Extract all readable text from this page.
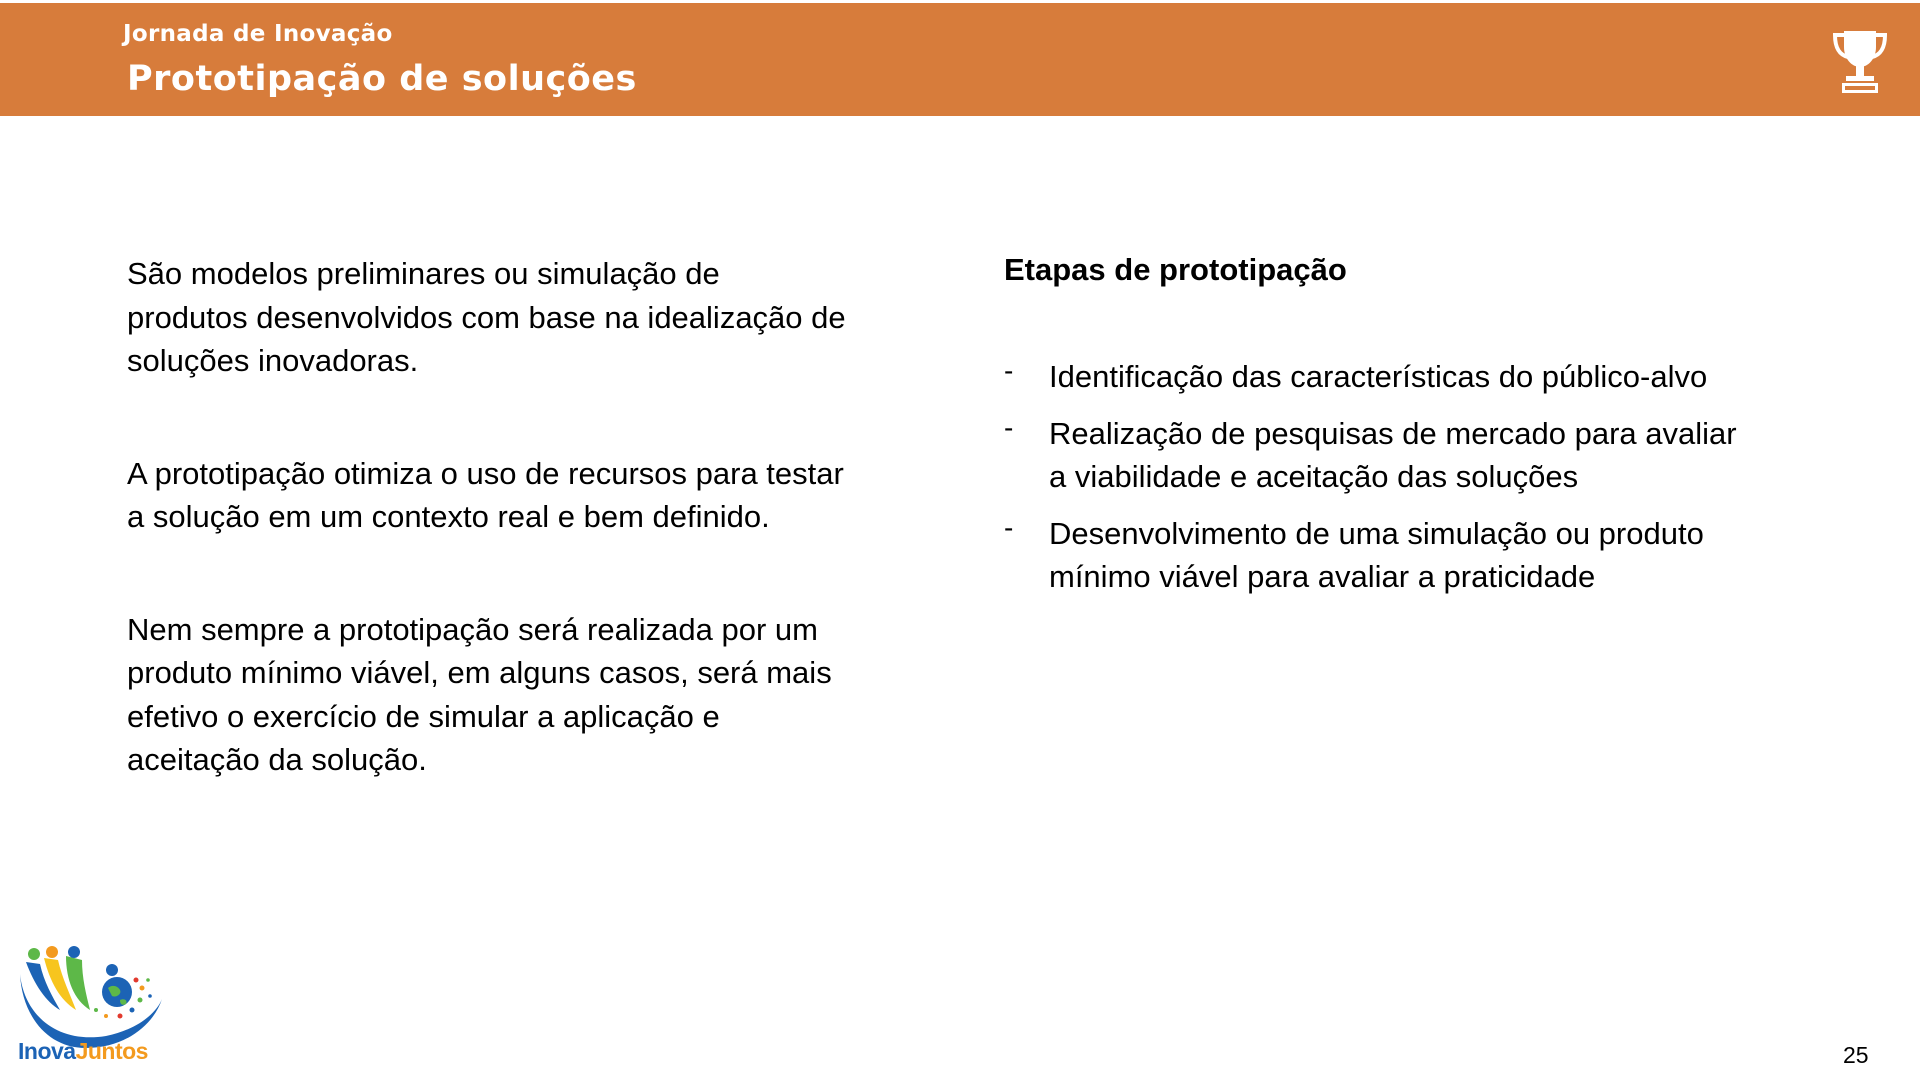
Jornada de Inovação
Prototipação de soluções

São modelos preliminares ou simulação de produtos desenvolvidos com base na idealização de soluções inovadoras.

A prototipação otimiza o uso de recursos para testar a solução em um contexto real e bem definido.

Nem sempre a prototipação será realizada por um produto mínimo viável, em alguns casos, será mais efetivo o exercício de simular a aplicação e aceitação da solução.

Etapas de prototipação
- Identificação das características do público-alvo
- Realização de pesquisas de mercado para avaliar a viabilidade e aceitação das soluções
- Desenvolvimento de uma simulação ou produto mínimo viável para avaliar a praticidade
InovaJuntos	25
